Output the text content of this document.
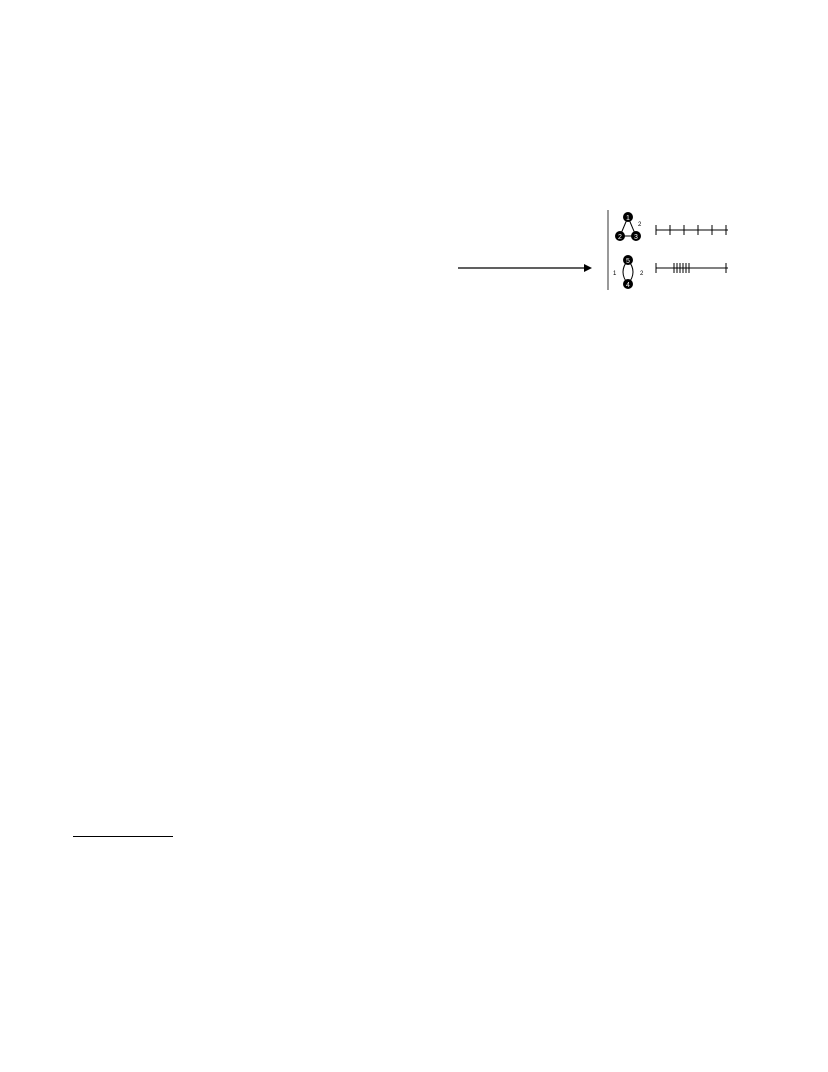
1
2 3
2
5
4
1	2
